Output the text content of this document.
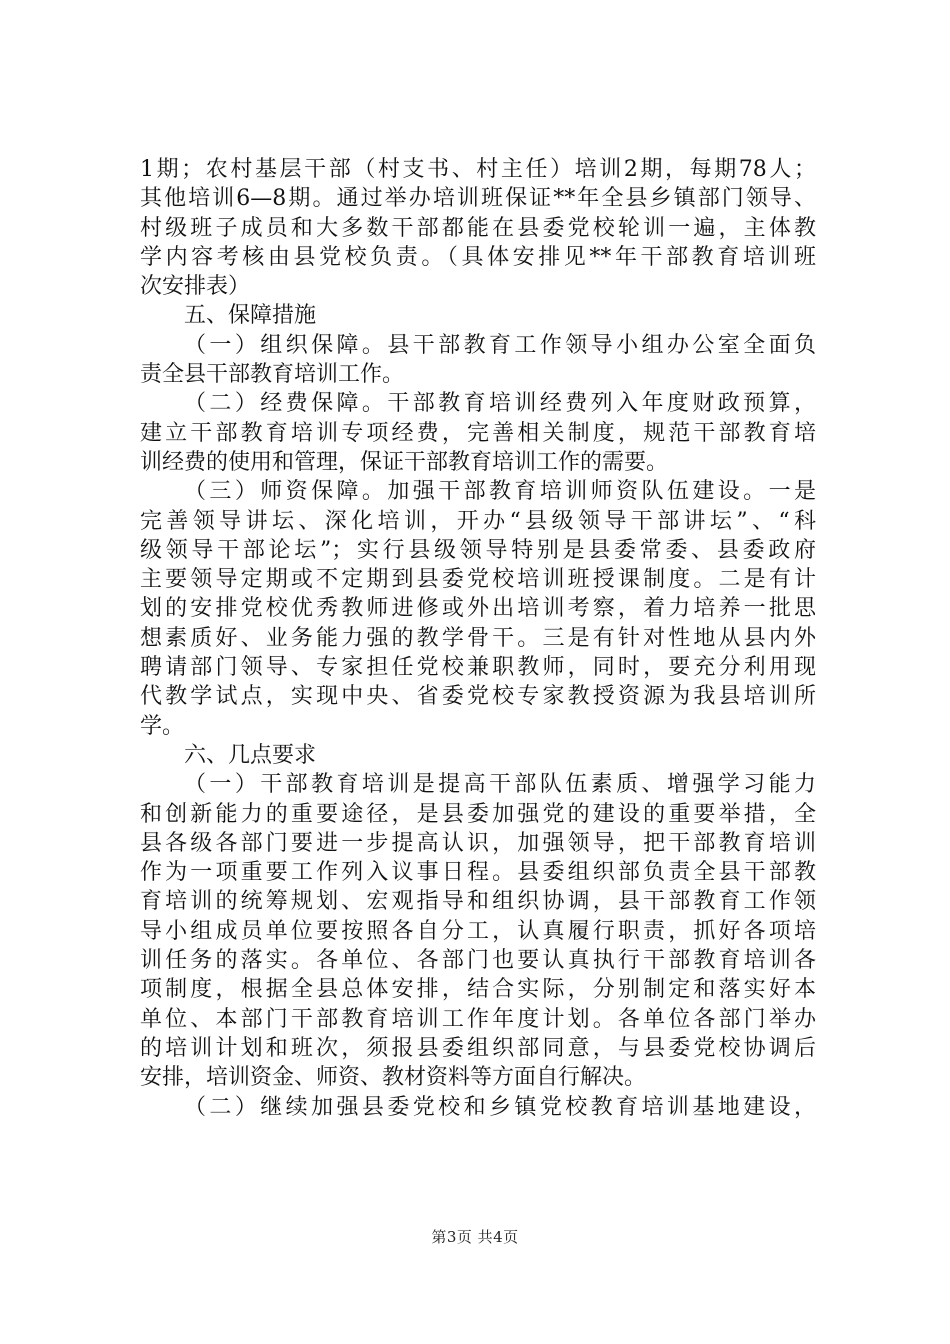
1期；农村基层干部（村支书、村主任）培训2期，每期78人；
其他培训6—8期。通过举办培训班保证**年全县乡镇部门领导、
村级班子成员和大多数干部都能在县委党校轮训一遍，主体教
学内容考核由县党校负责。（具体安排见**年干部教育培训班
次安排表）
五、保障措施
（一）组织保障。县干部教育工作领导小组办公室全面负
责全县干部教育培训工作。
（二）经费保障。干部教育培训经费列入年度财政预算，
建立干部教育培训专项经费，完善相关制度，规范干部教育培
训经费的使用和管理，保证干部教育培训工作的需要。
（三）师资保障。加强干部教育培训师资队伍建设。一是
完善领导讲坛、深化培训，开办“县级领导干部讲坛”、“科
级领导干部论坛”；实行县级领导特别是县委常委、县委政府
主要领导定期或不定期到县委党校培训班授课制度。二是有计
划的安排党校优秀教师进修或外出培训考察，着力培养一批思
想素质好、业务能力强的教学骨干。三是有针对性地从县内外
聘请部门领导、专家担任党校兼职教师，同时，要充分利用现
代教学试点，实现中央、省委党校专家教授资源为我县培训所
学。
六、几点要求
（一）干部教育培训是提高干部队伍素质、增强学习能力
和创新能力的重要途径，是县委加强党的建设的重要举措，全
县各级各部门要进一步提高认识，加强领导，把干部教育培训
作为一项重要工作列入议事日程。县委组织部负责全县干部教
育培训的统筹规划、宏观指导和组织协调，县干部教育工作领
导小组成员单位要按照各自分工，认真履行职责，抓好各项培
训任务的落实。各单位、各部门也要认真执行干部教育培训各
项制度，根据全县总体安排，结合实际，分别制定和落实好本
单位、本部门干部教育培训工作年度计划。各单位各部门举办
的培训计划和班次，须报县委组织部同意，与县委党校协调后
安排，培训资金、师资、教材资料等方面自行解决。
（二）继续加强县委党校和乡镇党校教育培训基地建设，
第3页 共4页
